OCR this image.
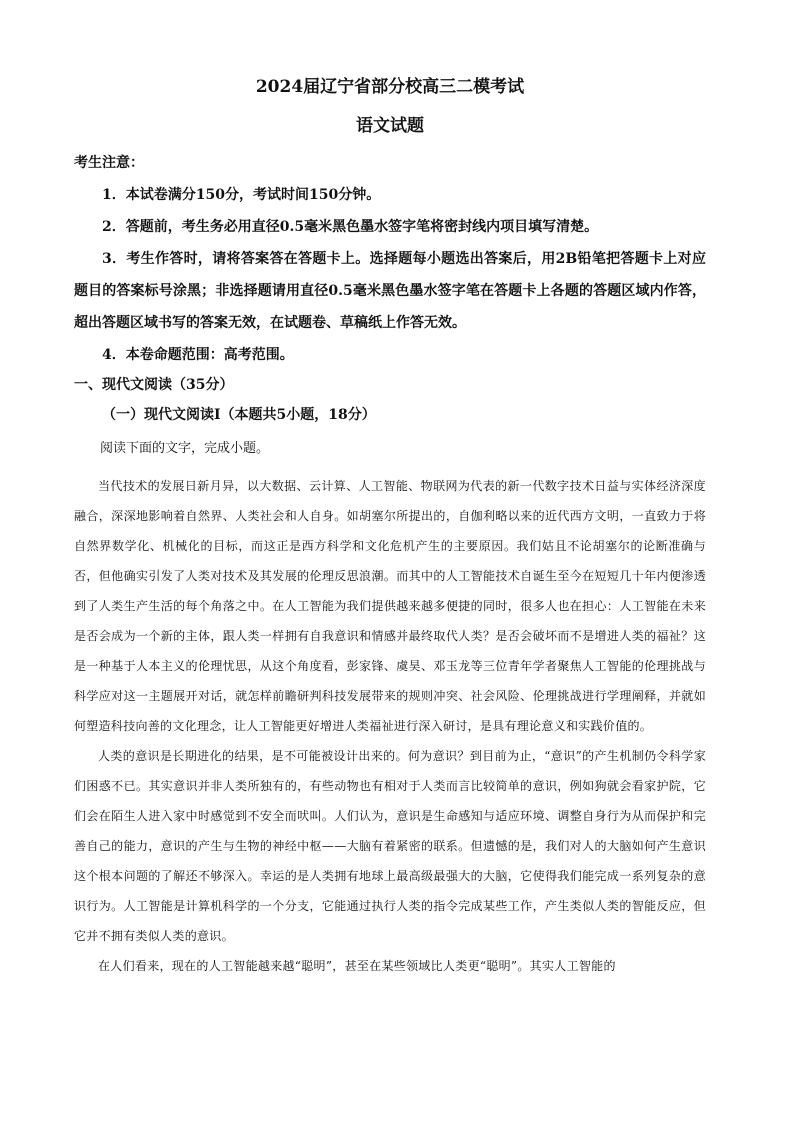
2024届辽宁省部分校高三二模考试
语文试题
考生注意：

1．本试卷满分150分，考试时间150分钟。

2．答题前，考生务必用直径0.5毫米黑色墨水签字笔将密封线内项目填写清楚。

3．考生作答时，请将答案答在答题卡上。选择题每小题选出答案后，用2B铅笔把答题卡上对应题目的答案标号涂黑；非选择题请用直径0.5毫米黑色墨水签字笔在答题卡上各题的答题区域内作答，超出答题区域书写的答案无效，在试题卷、草稿纸上作答无效。

4．本卷命题范围：高考范围。

一、现代文阅读（35分）
（一）现代文阅读Ⅰ（本题共5小题，18分）
阅读下面的文字，完成小题。

当代技术的发展日新月异，以大数据、云计算、人工智能、物联网为代表的新一代数字技术日益与实体经济深度融合，深深地影响着自然界、人类社会和人自身。如胡塞尔所提出的，自伽利略以来的近代西方文明，一直致力于将自然界数学化、机械化的目标，而这正是西方科学和文化危机产生的主要原因。我们姑且不论胡塞尔的论断准确与否，但他确实引发了人类对技术及其发展的伦理反思浪潮。而其中的人工智能技术自诞生至今在短短几十年内便渗透到了人类生产生活的每个角落之中。在人工智能为我们提供越来越多便捷的同时，很多人也在担心：人工智能在未来是否会成为一个新的主体，跟人类一样拥有自我意识和情感并最终取代人类？是否会破坏而不是增进人类的福祉？这是一种基于人本主义的伦理忧思，从这个角度看，彭家锋、虞昊、邓玉龙等三位青年学者聚焦人工智能的伦理挑战与科学应对这一主题展开对话，就怎样前瞻研判科技发展带来的规则冲突、社会风险、伦理挑战进行学理阐释，并就如何塑造科技向善的文化理念，让人工智能更好增进人类福祉进行深入研讨，是具有理论意义和实践价值的。

人类的意识是长期进化的结果，是不可能被设计出来的。何为意识？到目前为止，“意识”的产生机制仍令科学家们困惑不已。其实意识并非人类所独有的，有些动物也有相对于人类而言比较简单的意识，例如狗就会看家护院，它们会在陌生人进入家中时感觉到不安全而吠叫。人们认为，意识是生命感知与适应环境、调整自身行为从而保护和完善自己的能力，意识的产生与生物的神经中枢——大脑有着紧密的联系。但遗憾的是，我们对人的大脑如何产生意识这个根本问题的了解还不够深入。幸运的是人类拥有地球上最高级最强大的大脑，它使得我们能完成一系列复杂的意识行为。人工智能是计算机科学的一个分支，它能通过执行人类的指令完成某些工作，产生类似人类的智能反应，但它并不拥有类似人类的意识。

在人们看来，现在的人工智能越来越“聪明”，甚至在某些领域比人类更“聪明”。其实人工智能的
